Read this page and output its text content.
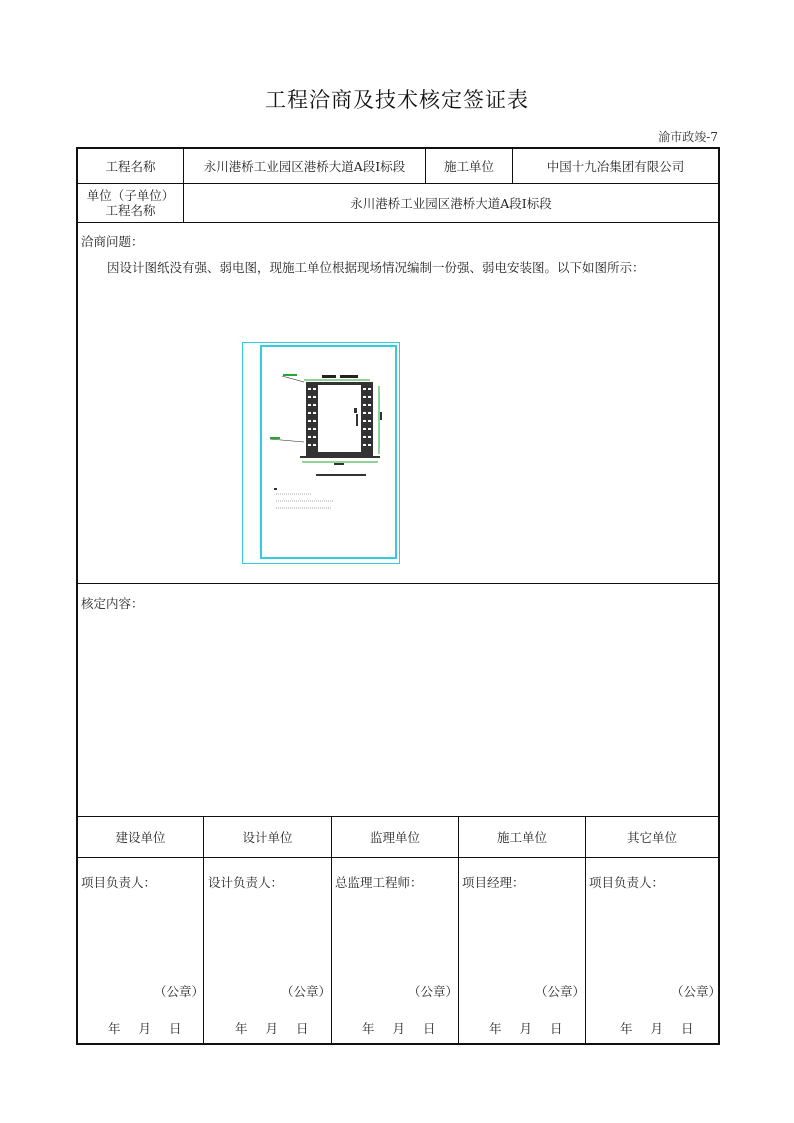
工程洽商及技术核定签证表
渝市政竣-7
工程名称	永川港桥工业园区港桥大道A段I标段	施工单位	中国十九冶集团有限公司
单位（子单位）
工程名称	永川港桥工业园区港桥大道A段I标段
洽商问题：
因设计图纸没有强、弱电图，现施工单位根据现场情况编制一份强、弱电安装图。以下如图所示：
核定内容：
建设单位	设计单位	监理单位	施工单位	其它单位
项目负责人：	设计负责人：	总监理工程师：	项目经理：	项目负责人：
（公章）	（公章）	（公章）	（公章）	（公章）
年 月 日	年 月 日	年 月 日	年 月 日	年 月 日
